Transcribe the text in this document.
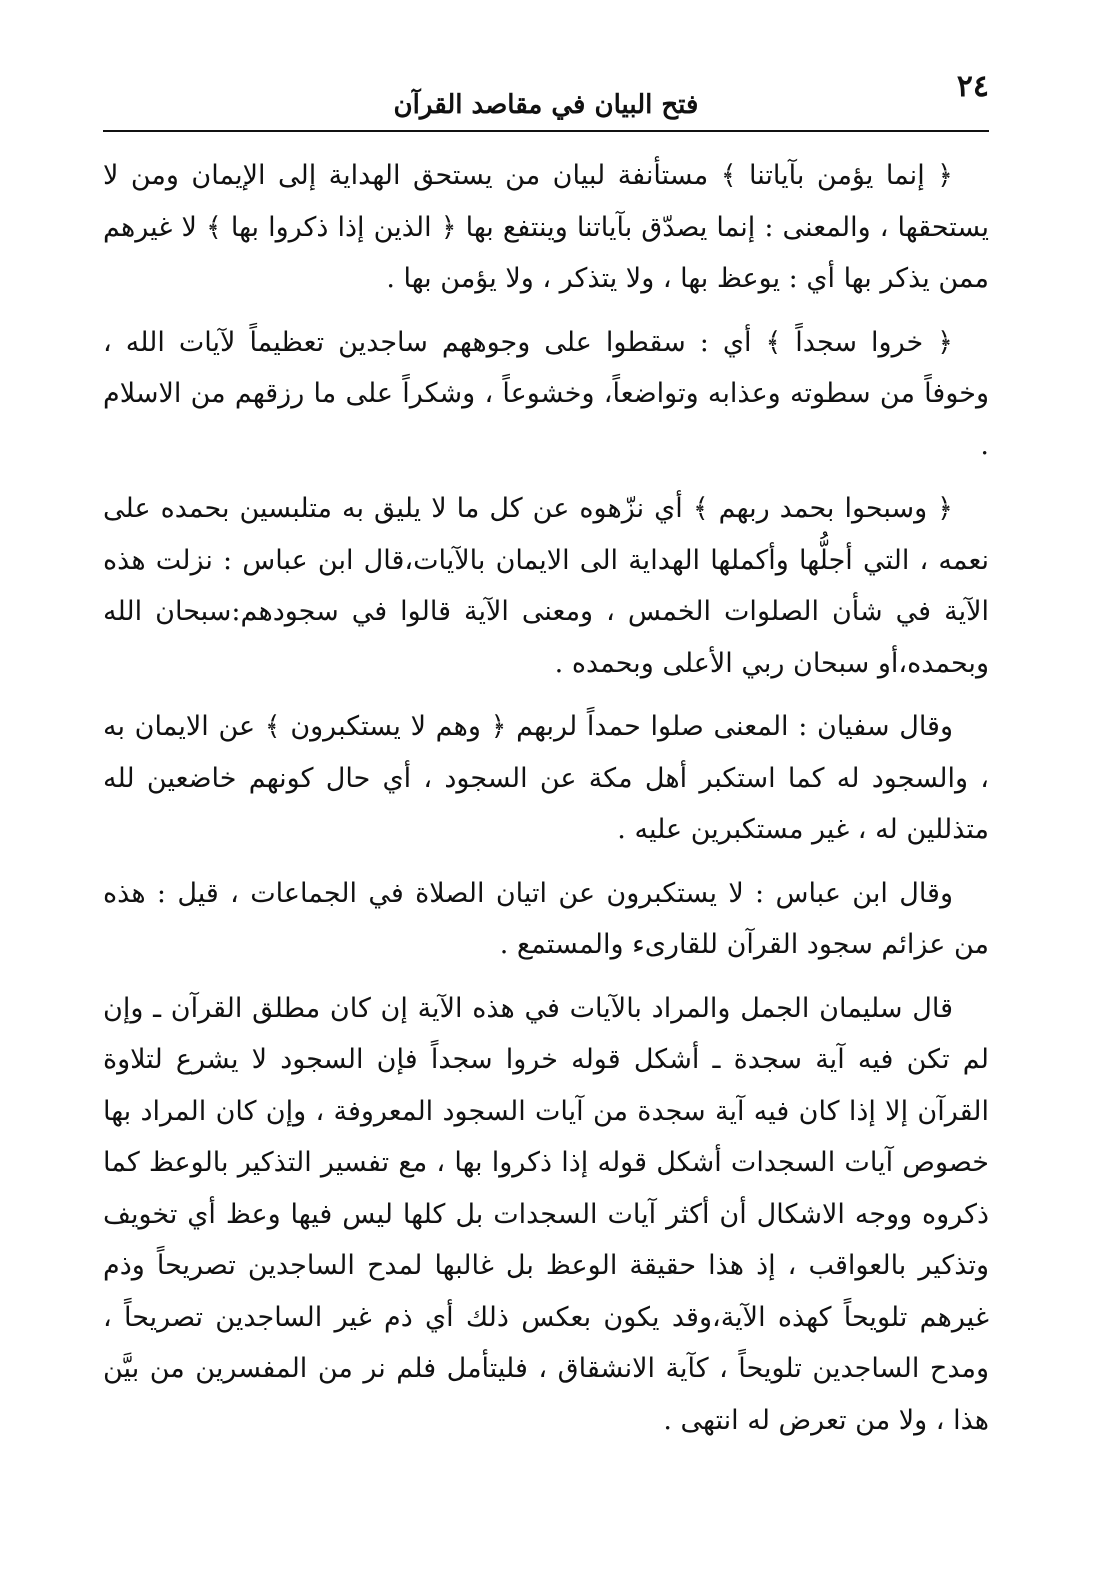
٢٤
فتح البيان في مقاصد القرآن

﴿ إنما يؤمن بآياتنا ﴾ مستأنفة لبيان من يستحق الهداية إلى الإيمان ومن لا يستحقها ، والمعنى : إنما يصدّق بآياتنا وينتفع بها ﴿ الذين إذا ذكروا بها ﴾ لا غيرهم ممن يذكر بها أي : يوعظ بها ، ولا يتذكر ، ولا يؤمن بها .

﴿ خروا سجداً ﴾ أي : سقطوا على وجوههم ساجدين تعظيماً لآيات الله ، وخوفاً من سطوته وعذابه وتواضعاً، وخشوعاً ، وشكراً على ما رزقهم من الاسلام .

﴿ وسبحوا بحمد ربهم ﴾ أي نزّهوه عن كل ما لا يليق به متلبسين بحمده على نعمه ، التي أجلُّها وأكملها الهداية الى الايمان بالآيات،قال ابن عباس : نزلت هذه الآية في شأن الصلوات الخمس ، ومعنى الآية قالوا في سجودهم:سبحان الله وبحمده،أو سبحان ربي الأعلى وبحمده .

وقال سفيان : المعنى صلوا حمداً لربهم ﴿ وهم لا يستكبرون ﴾ عن الايمان به ، والسجود له كما استكبر أهل مكة عن السجود ، أي حال كونهم خاضعين لله متذللين له ، غير مستكبرين عليه .

وقال ابن عباس : لا يستكبرون عن اتيان الصلاة في الجماعات ، قيل : هذه من عزائم سجود القرآن للقارىء والمستمع .

قال سليمان الجمل والمراد بالآيات في هذه الآية إن كان مطلق القرآن ـ وإن لم تكن فيه آية سجدة ـ أشكل قوله خروا سجداً فإن السجود لا يشرع لتلاوة القرآن إلا إذا كان فيه آية سجدة من آيات السجود المعروفة ، وإن كان المراد بها خصوص آيات السجدات أشكل قوله إذا ذكروا بها ، مع تفسير التذكير بالوعظ كما ذكروه ووجه الاشكال أن أكثر آيات السجدات بل كلها ليس فيها وعظ أي تخويف وتذكير بالعواقب ، إذ هذا حقيقة الوعظ بل غالبها لمدح الساجدين تصريحاً وذم غيرهم تلويحاً كهذه الآية،وقد يكون بعكس ذلك أي ذم غير الساجدين تصريحاً ، ومدح الساجدين تلويحاً ، كآية الانشقاق ، فليتأمل فلم نر من المفسرين من بيَّن هذا ، ولا من تعرض له انتهى .
